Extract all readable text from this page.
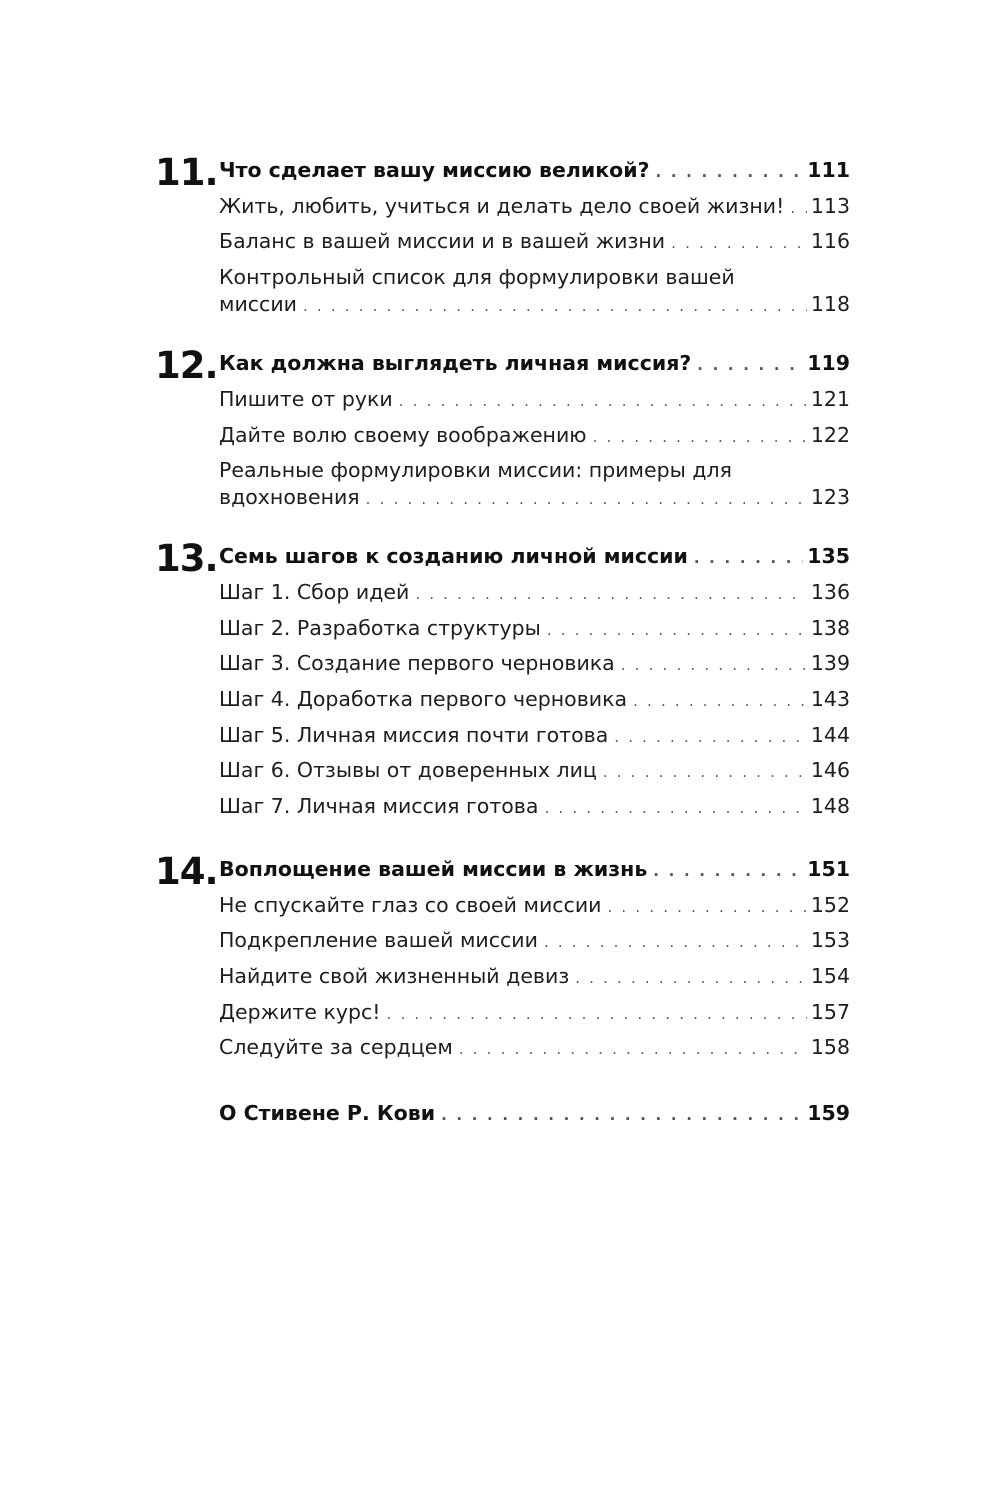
11. Что сделает вашу миссию великой? . . .	111
Жить, любить, учиться и делать дело своей жизни! . . . 113
Баланс в вашей миссии и в вашей жизни . . .	116
Контрольный список для формулировки вашей
миссии . . .	118
12. Как должна выглядеть личная миссия? . . .	119
Пишите от руки . . .	121
Дайте волю своему воображению . . .	122
Реальные формулировки миссии: примеры для
вдохновения . . .	123
13. Семь шагов к созданию личной миссии . . .	135
Шаг 1. Сбор идей . . .	136
Шаг 2. Разработка структуры . . .	138
Шаг 3. Создание первого черновика . . .	139
Шаг 4. Доработка первого черновика . . .	143
Шаг 5. Личная миссия почти готова . . .	144
Шаг 6. Отзывы от доверенных лиц . . .	146
Шаг 7. Личная миссия готова . . .	148
14. Воплощение вашей миссии в жизнь . . .	151
Не спускайте глаз со своей миссии . . .	152
Подкрепление вашей миссии . . .	153
Найдите свой жизненный девиз . . .	154
Держите курс! . . .	157
Следуйте за сердцем . . .	158
О Стивене Р. Кови . . .	159
